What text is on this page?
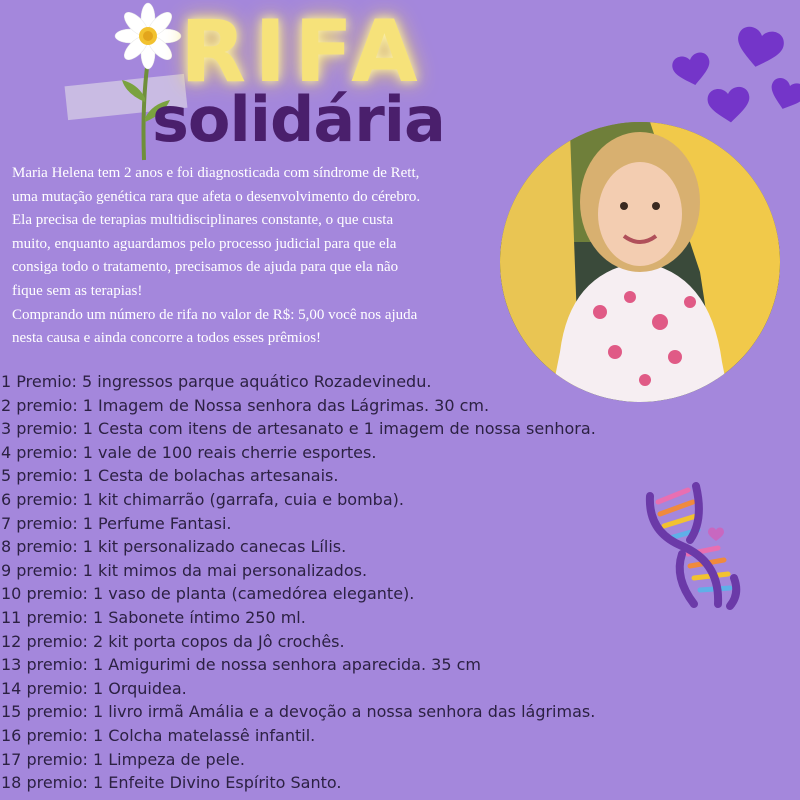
RIFA
solidária

Maria Helena tem 2 anos e foi diagnosticada com síndrome de Rett,

uma mutação genética rara que afeta o desenvolvimento do cérebro.

Ela precisa de terapias multidisciplinares constante, o que custa

muito, enquanto aguardamos pelo processo judicial para que ela

consiga todo o tratamento, precisamos de ajuda para que ela não

fique sem as terapias!

Comprando um número de rifa no valor de R$: 5,00 você nos ajuda

nesta causa e ainda concorre a todos esses prêmios!

1 Premio: 5 ingressos parque aquático Rozadevinedu.
2 premio: 1 Imagem de Nossa senhora das Lágrimas. 30 cm.
3 premio: 1 Cesta com itens de artesanato e 1 imagem de nossa senhora.
4 premio: 1 vale de 100 reais cherrie esportes.
5 premio: 1 Cesta de bolachas artesanais.
6 premio: 1 kit chimarrão (garrafa, cuia e bomba).
7 premio: 1 Perfume Fantasi.
8 premio: 1 kit personalizado canecas Lílis.
9 premio: 1 kit mimos da mai personalizados.
10 premio: 1 vaso de planta (camedórea elegante).
11 premio: 1 Sabonete íntimo 250 ml.
12 premio: 2 kit porta copos da Jô crochês.
13 premio: 1 Amigurimi de nossa senhora aparecida. 35 cm
14 premio: 1 Orquidea.
15 premio: 1 livro irmã Amália e a devoção a nossa senhora das lágrimas.
16 premio: 1 Colcha matelassê infantil.
17 premio: 1 Limpeza de pele.
18 premio: 1 Enfeite Divino Espírito Santo.
